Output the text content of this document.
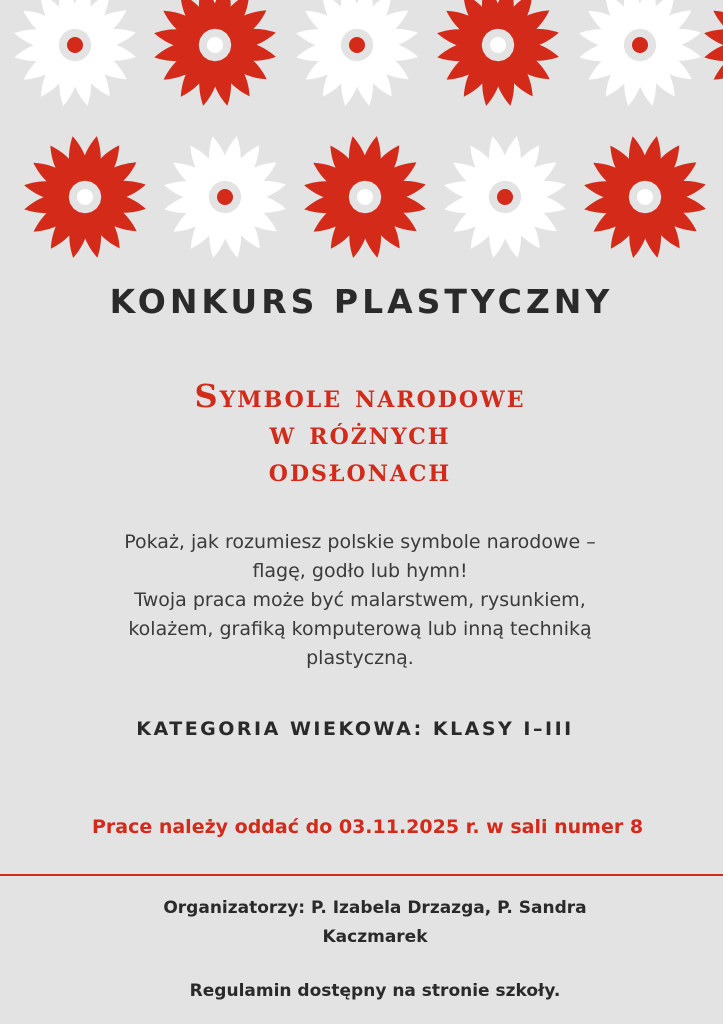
KONKURS PLASTYCZNY
Symbole narodowe
w różnych
odsłonach
Pokaż, jak rozumiesz polskie symbole narodowe –
flagę, godło lub hymn!
Twoja praca może być malarstwem, rysunkiem,
kolażem, grafiką komputerową lub inną techniką
plastyczną.
KATEGORIA WIEKOWA: KLASY I–III
Prace należy oddać do 03.11.2025 r. w sali numer 8
Organizatorzy: P. Izabela Drzazga, P. Sandra Kaczmarek
Regulamin dostępny na stronie szkoły.
